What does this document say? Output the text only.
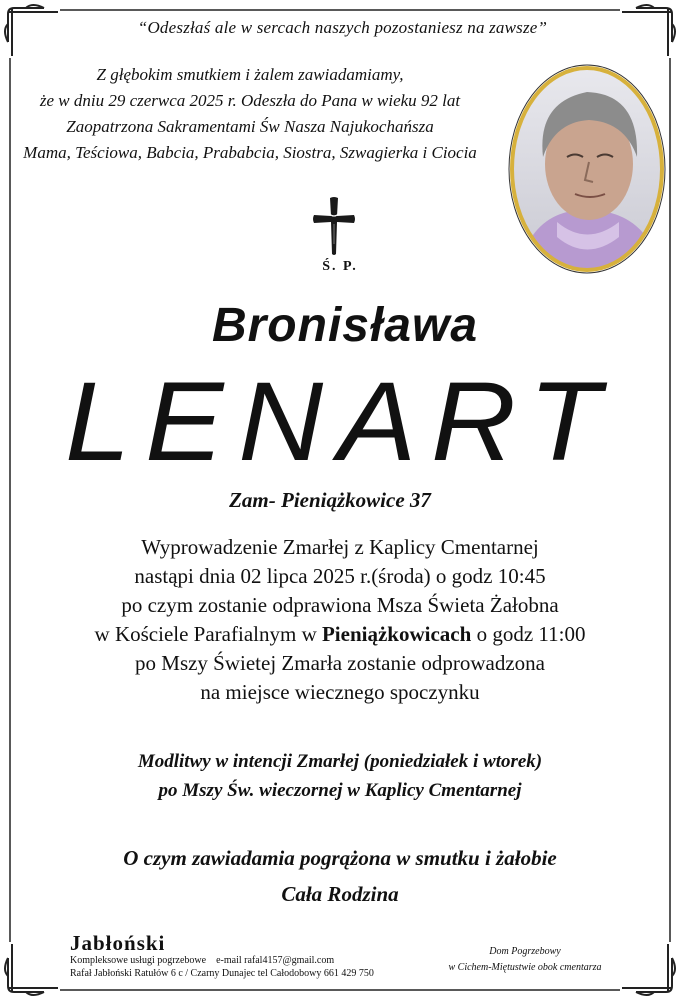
“Odeszłaś ale w sercach naszych pozostaniesz na zawsze”
Z głębokim smutkiem i żalem zawiadamiamy,
że w dniu 29 czerwca 2025 r. Odeszła do Pana w wieku 92 lat
Zaopatrzona Sakramentami Św Nasza Najukochańsza
Mama, Teściowa, Babcia, Prababcia, Siostra, Szwagierka i Ciocia
Ś. P.
Bronisława
LENART
Zam- Pieniążkowice 37
Wyprowadzenie Zmarłej z Kaplicy Cmentarnej
nastąpi dnia 02 lipca 2025 r.(środa) o godz 10:45
po czym zostanie odprawiona Msza Świeta Żałobna
w Kościele Parafialnym w Pieniążkowicach o godz 11:00
po Mszy Świetej Zmarła zostanie odprowadzona
na miejsce wiecznego spoczynku
Modlitwy w intencji Zmarłej (poniedziałek i wtorek)
po Mszy Św. wieczornej w Kaplicy Cmentarnej
O czym zawiadamia pogrążona w smutku i żałobie
Cała Rodzina
Jabłoński
Kompleksowe usługi pogrzebowe e-mail rafal4157@gmail.com
Rafał Jabłoński Ratułów 6 c / Czarny Dunajec tel Całodobowy 661 429 750
Dom Pogrzebowy
w Cichem-Miętustwie obok cmentarza
